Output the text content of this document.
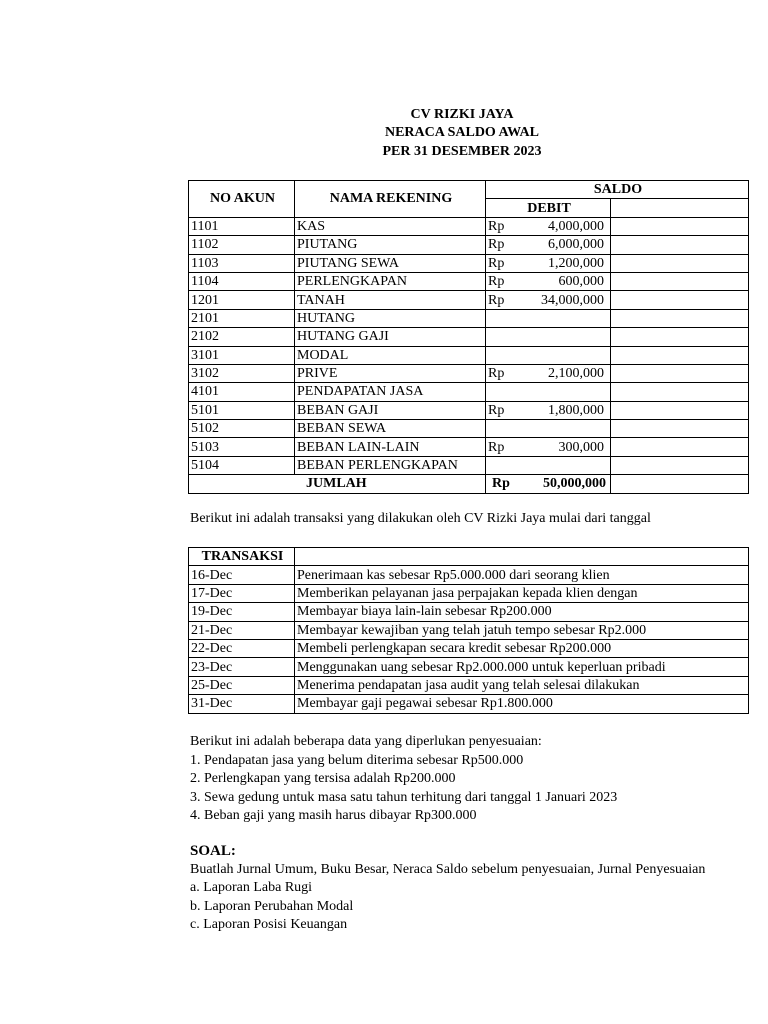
CV RIZKI JAYA
NERACA SALDO AWAL
PER 31 DESEMBER 2023
NO AKUN	NAMA REKENING	SALDO	
		DEBIT	
1101	KAS	Rp 4,000,000	

1102	PIUTANG	Rp 6,000,000	

1103	PIUTANG SEWA	Rp 1,200,000	

1104	PERLENGKAPAN	Rp 600,000	

1201	TANAH	Rp 34,000,000	

2101	HUTANG	

2102	HUTANG GAJI	

3101	MODAL	

3102	PRIVE	Rp 2,100,000	

4101	PENDAPATAN JASA	

5101	BEBAN GAJI	Rp 1,800,000	

5102	BEBAN SEWA	

5103	BEBAN LAIN-LAIN	Rp 300,000	

5104	BEBAN PERLENGKAPAN	

JUMLAH		Rp 50,000,000	

Berikut ini adalah transaksi yang dilakukan oleh CV Rizki Jaya mulai dari tanggal
TRANSAKSI	
16-Dec	Penerimaan kas sebesar Rp5.000.000 dari seorang klien
17-Dec	Memberikan pelayanan jasa perpajakan kepada klien dengan
19-Dec	Membayar biaya lain-lain sebesar Rp200.000
21-Dec	Membayar kewajiban yang telah jatuh tempo sebesar Rp2.000
22-Dec	Membeli perlengkapan secara kredit sebesar Rp200.000
23-Dec	Menggunakan uang sebesar Rp2.000.000 untuk keperluan pribadi
25-Dec	Menerima pendapatan jasa audit yang telah selesai dilakukan
31-Dec	Membayar gaji pegawai sebesar Rp1.800.000
Berikut ini adalah beberapa data yang diperlukan penyesuaian:
1. Pendapatan jasa yang belum diterima sebesar Rp500.000
2. Perlengkapan yang tersisa adalah Rp200.000
3. Sewa gedung untuk masa satu tahun terhitung dari tanggal 1 Januari 2023
4. Beban gaji yang masih harus dibayar Rp300.000
SOAL:
Buatlah Jurnal Umum, Buku Besar, Neraca Saldo sebelum penyesuaian, Jurnal Penyesuaian
a. Laporan Laba Rugi
b. Laporan Perubahan Modal
c. Laporan Posisi Keuangan
